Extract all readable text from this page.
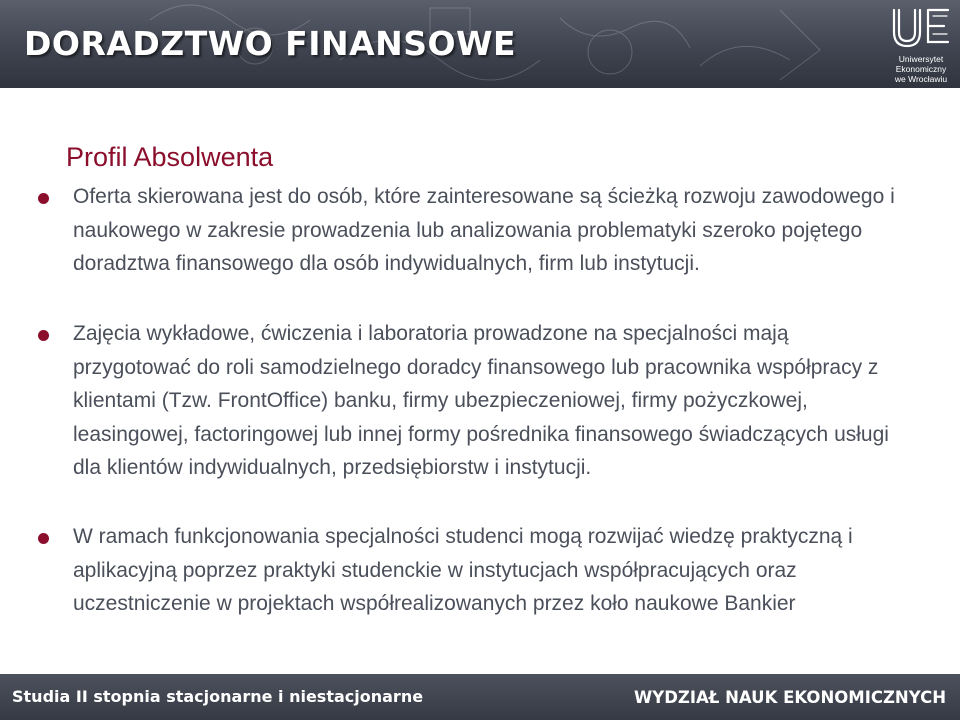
DORADZTWO FINANSOWE	Uniwersytet
Ekonomiczny
we Wrocławiu
Profil Absolwenta

Oferta skierowana jest do osób, które zainteresowane są ścieżką rozwoju zawodowego i naukowego w zakresie prowadzenia lub analizowania problematyki szeroko pojętego doradztwa finansowego dla osób indywidualnych, firm lub instytucji.

Zajęcia wykładowe, ćwiczenia i laboratoria prowadzone na specjalności mają przygotować do roli samodzielnego doradcy finansowego lub pracownika współpracy z klientami (Tzw. FrontOffice) banku, firmy ubezpieczeniowej, firmy pożyczkowej, leasingowej, factoringowej lub innej formy pośrednika finansowego świadczących usługi dla klientów indywidualnych, przedsiębiorstw i instytucji.

W ramach funkcjonowania specjalności studenci mogą rozwijać wiedzę praktyczną i aplikacyjną poprzez praktyki studenckie w instytucjach współpracujących oraz uczestniczenie w projektach współrealizowanych przez koło naukowe Bankier

Studia II stopnia stacjonarne i niestacjonarne	WYDZIAŁ NAUK EKONOMICZNYCH
